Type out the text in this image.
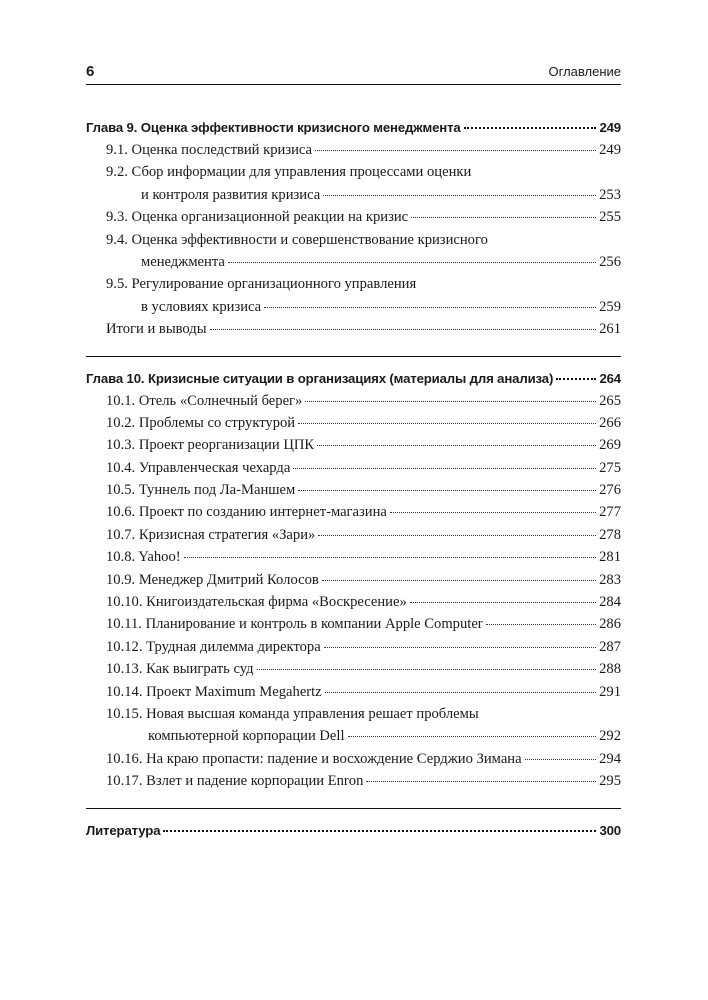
6	Оглавление
Глава 9. Оценка эффективности кризисного менеджмента	249
9.1. Оценка последствий кризиса	249
9.2. Сбор информации для управления процессами оценки
и контроля развития кризиса	253
9.3. Оценка организационной реакции на кризис	255
9.4. Оценка эффективности и совершенствование кризисного
менеджмента	256
9.5. Регулирование организационного управления
в условиях кризиса	259
Итоги и выводы	261
Глава 10. Кризисные ситуации в организациях (материалы для анализа)	264
10.1. Отель «Солнечный берег»	265
10.2. Проблемы со структурой	266
10.3. Проект реорганизации ЦПК	269
10.4. Управленческая чехарда	275
10.5. Туннель под Ла-Маншем	276
10.6. Проект по созданию интернет-магазина	277
10.7. Кризисная стратегия «Зари»	278
10.8. Yahoo!	281
10.9. Менеджер Дмитрий Колосов	283
10.10. Книгоиздательская фирма «Воскресение»	284
10.11. Планирование и контроль в компании Apple Computer	286
10.12. Трудная дилемма директора	287
10.13. Как выиграть суд	288
10.14. Проект Maximum Megahertz	291
10.15. Новая высшая команда управления решает проблемы
компьютерной корпорации Dell	292
10.16. На краю пропасти: падение и восхождение Серджио Зимана	294
10.17. Взлет и падение корпорации Enron	295
Литература	300
